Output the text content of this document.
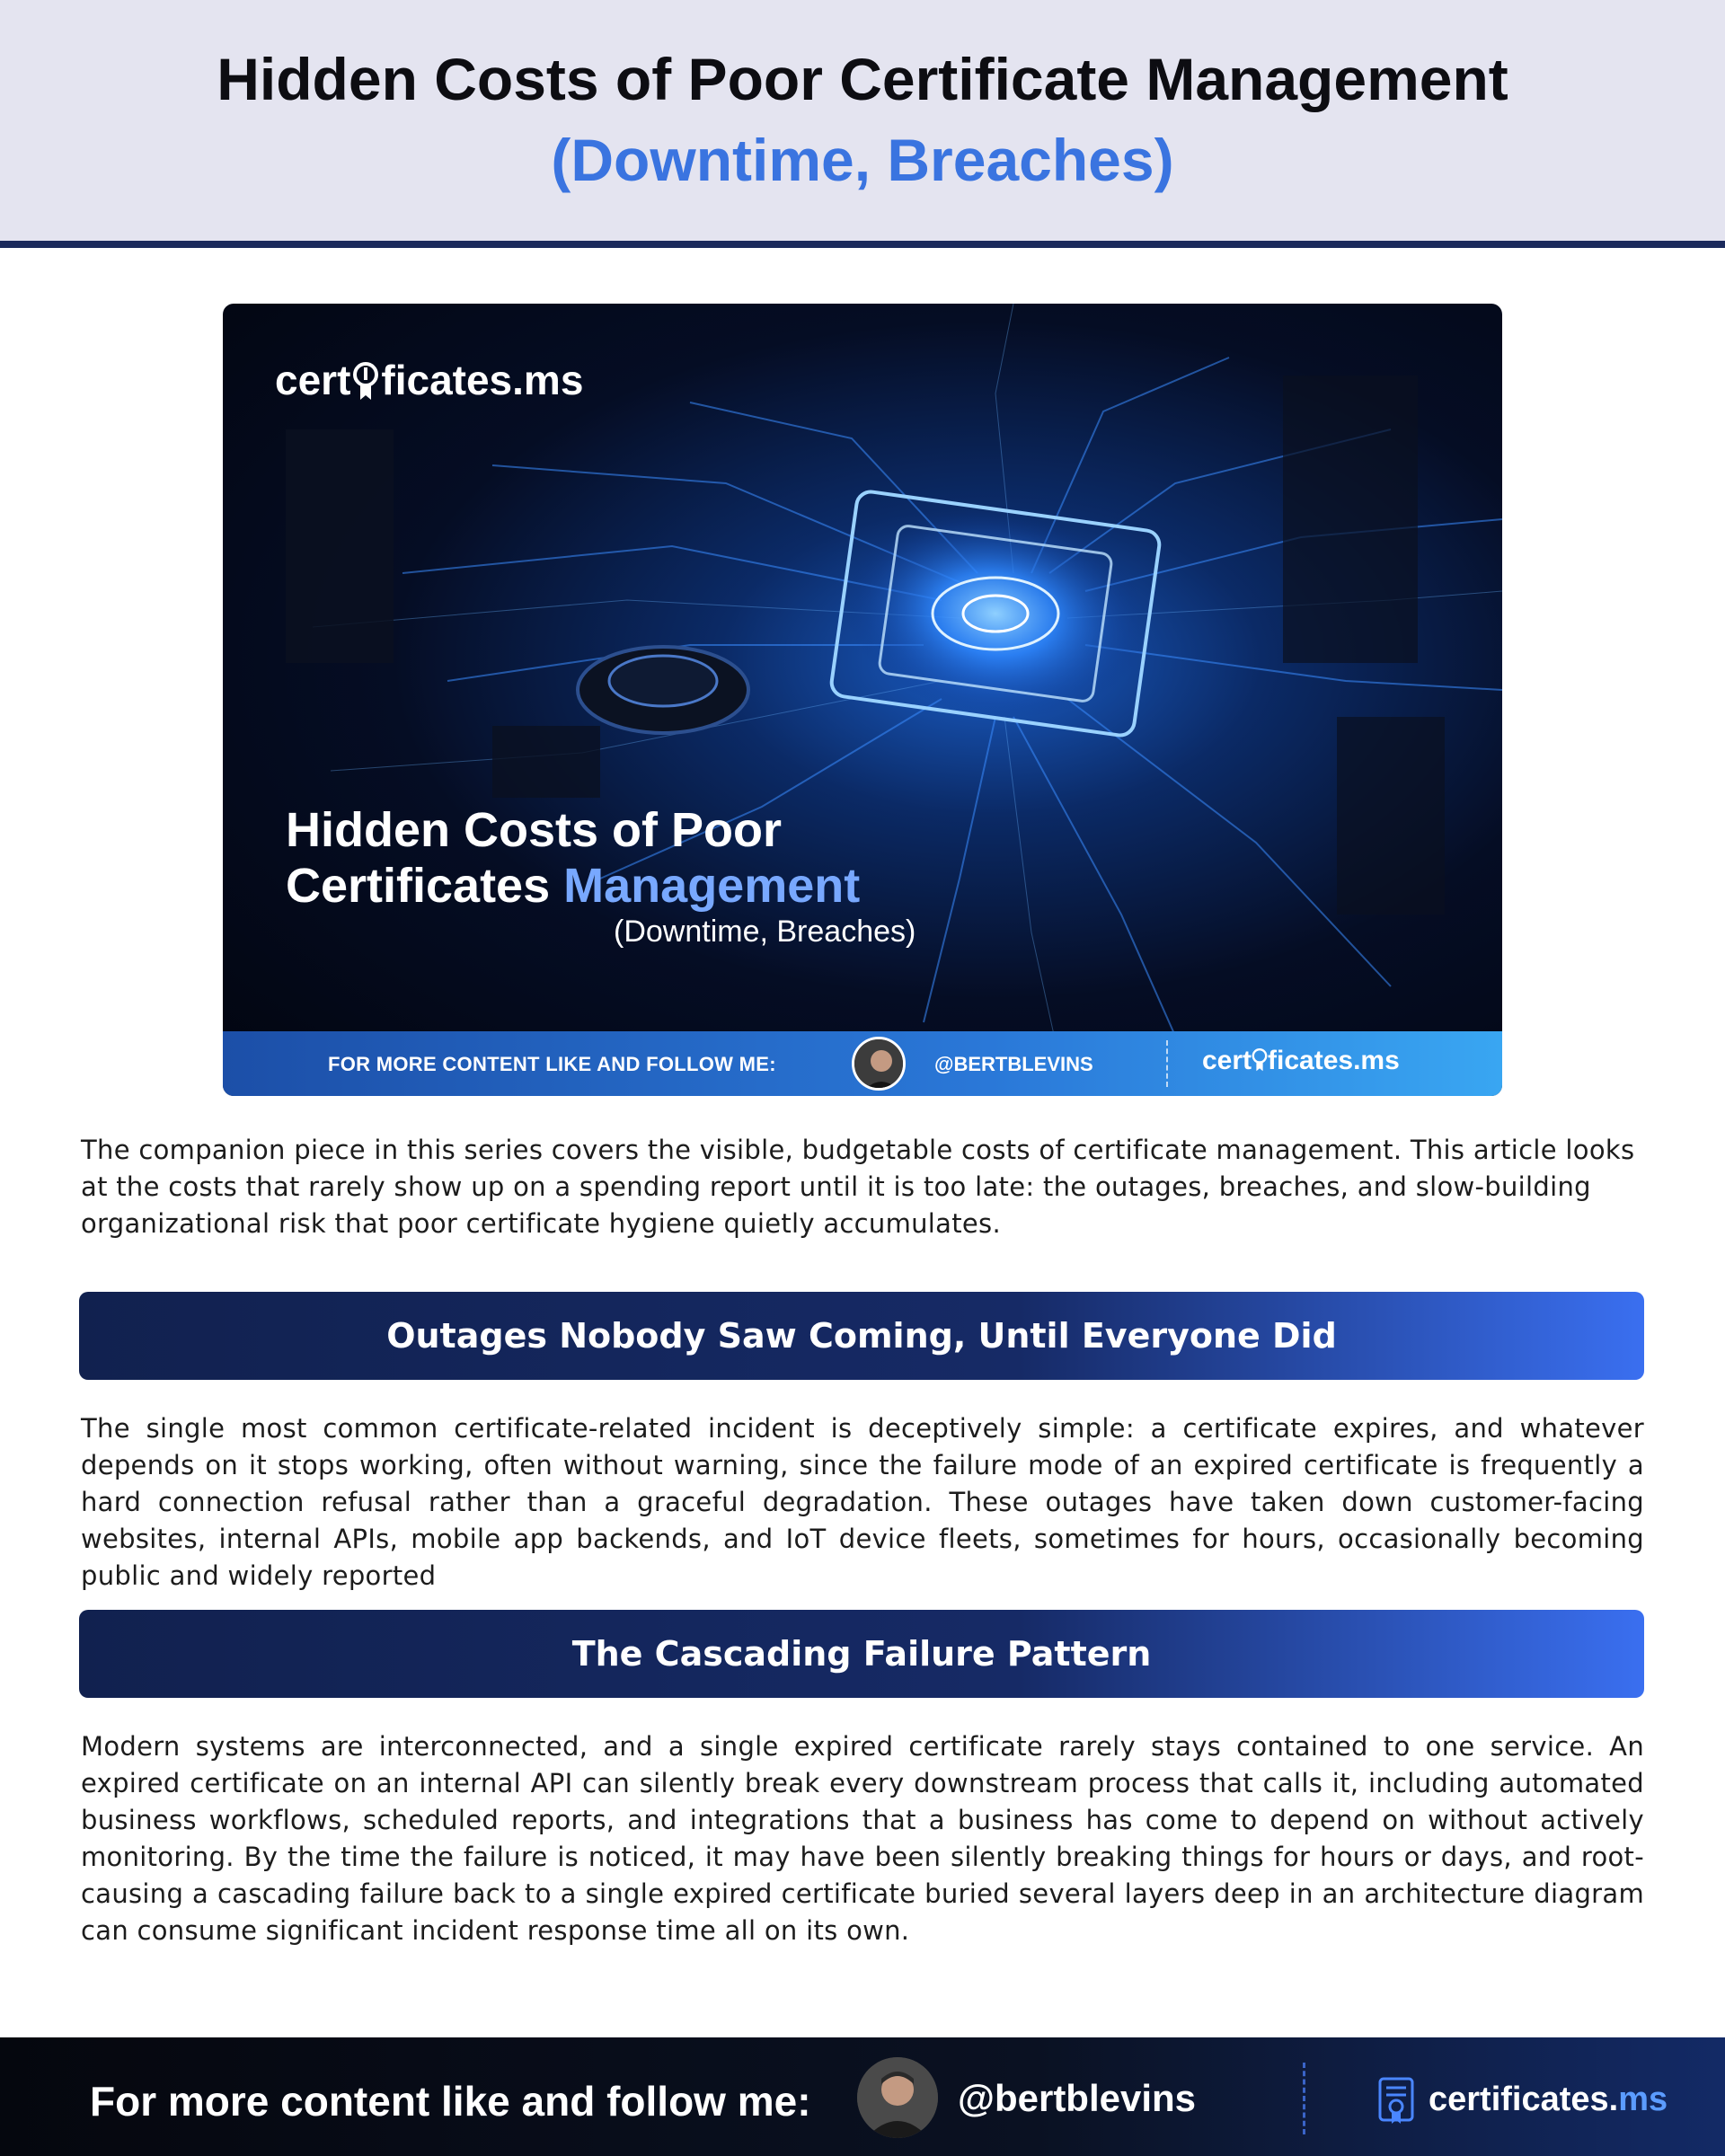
Hidden Costs of Poor Certificate Management
(Downtime, Breaches)
cert ficates.ms
Hidden Costs of Poor
Certificates Management
(Downtime, Breaches)
FOR MORE CONTENT LIKE AND FOLLOW ME:	@BERTBLEVINS	cert ficates.ms

The companion piece in this series covers the visible, budgetable costs of certificate management. This article looks at the costs that rarely show up on a spending report until it is too late: the outages, breaches, and slow-building organizational risk that poor certificate hygiene quietly accumulates.

Outages Nobody Saw Coming, Until Everyone Did

The single most common certificate-related incident is deceptively simple: a certificate expires, and whatever depends on it stops working, often without warning, since the failure mode of an expired certificate is frequently a hard connection refusal rather than a graceful degradation. These outages have taken down customer-facing websites, internal APIs, mobile app backends, and IoT device fleets, sometimes for hours, occasionally becoming public and widely reported

The Cascading Failure Pattern

Modern systems are interconnected, and a single expired certificate rarely stays contained to one service. An expired certificate on an internal API can silently break every downstream process that calls it, including automated business workflows, scheduled reports, and integrations that a business has come to depend on without actively monitoring. By the time the failure is noticed, it may have been silently breaking things for hours or days, and root-causing a cascading failure back to a single expired certificate buried several layers deep in an architecture diagram can consume significant incident response time all on its own.

For more content like and follow me:	@bertblevins	certificates.ms
